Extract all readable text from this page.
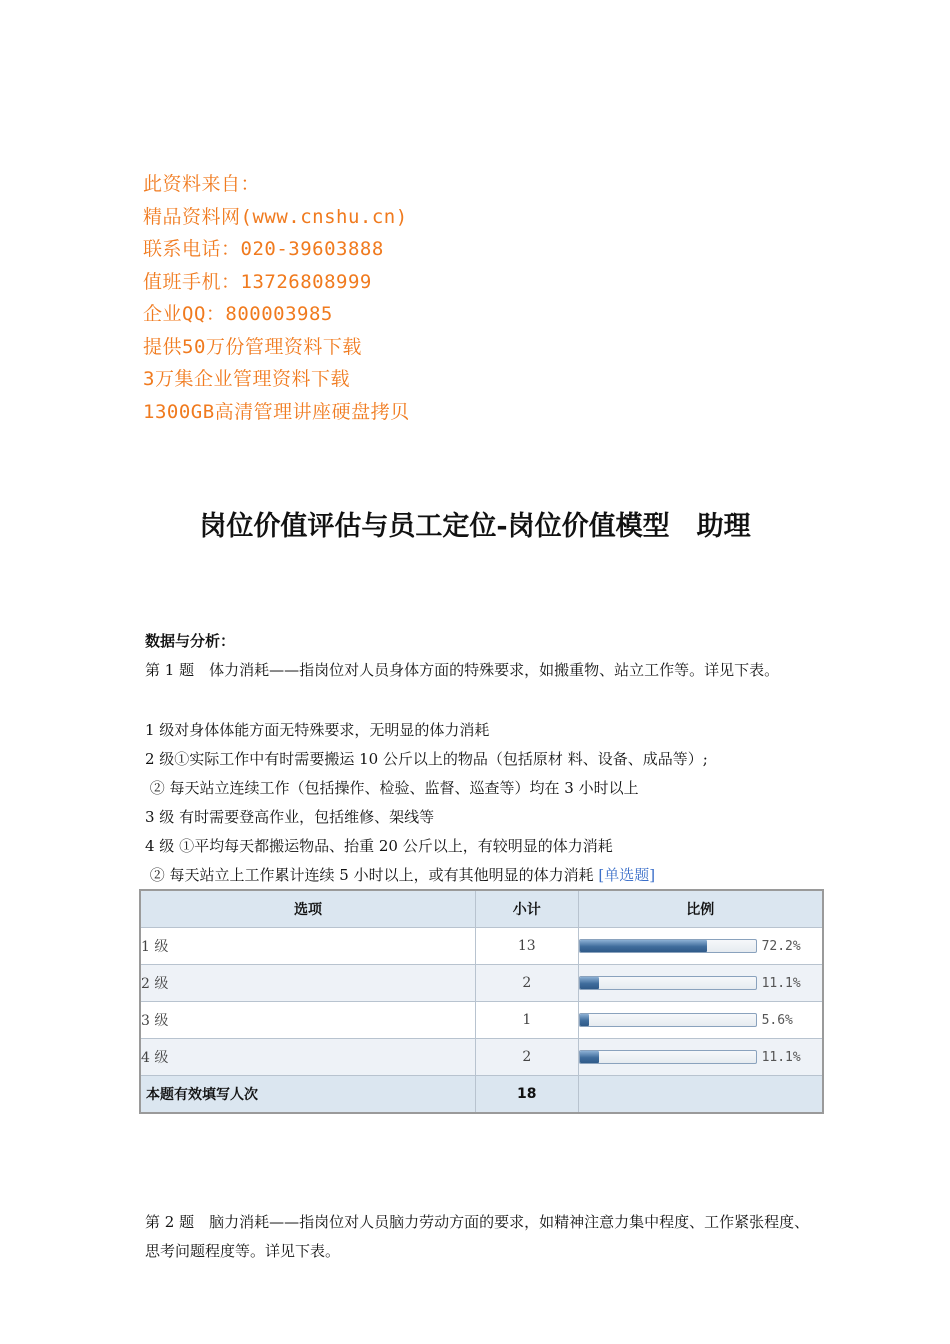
此资料来自：
精品资料网(www.cnshu.cn)
联系电话：020-39603888
值班手机：13726808999
企业QQ：800003985
提供50万份管理资料下载
3万集企业管理资料下载
1300GB高清管理讲座硬盘拷贝
岗位价值评估与员工定位-岗位价值模型　助理
数据与分析：
第 1 题　体力消耗——指岗位对人员身体方面的特殊要求，如搬重物、站立工作等。详见下表。
1 级对身体体能方面无特殊要求，无明显的体力消耗
2 级①实际工作中有时需要搬运 10 公斤以上的物品（包括原材 料、设备、成品等）;
② 每天站立连续工作（包括操作、检验、监督、巡查等）均在 3 小时以上
3 级 有时需要登高作业，包括维修、架线等
4 级 ①平均每天都搬运物品、抬重 20 公斤以上，有较明显的体力消耗
② 每天站立上工作累计连续 5 小时以上，或有其他明显的体力消耗 [单选题]
选项	小计	比例
1 级	13	72.2%
2 级	2	11.1%
3 级	1	5.6%
4 级	2	11.1%
本题有效填写人次	18	
第 2 题　脑力消耗——指岗位对人员脑力劳动方面的要求，如精神注意力集中程度、工作紧张程度、思考问题程度等。详见下表。
